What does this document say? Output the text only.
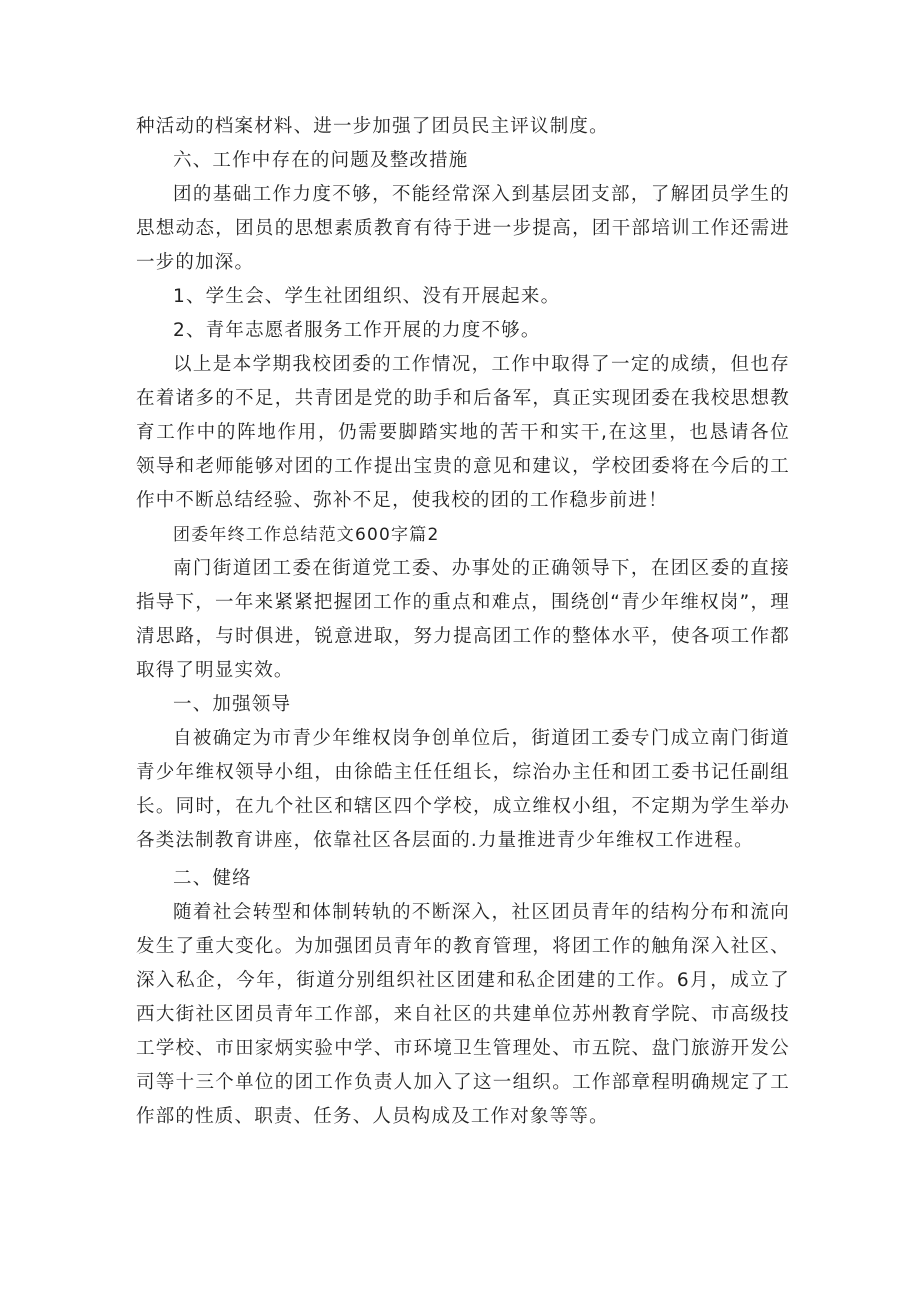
种活动的档案材料、进一步加强了团员民主评议制度。

六、工作中存在的问题及整改措施

团的基础工作力度不够，不能经常深入到基层团支部，了解团员学生的思想动态，团员的思想素质教育有待于进一步提高，团干部培训工作还需进一步的加深。

1、学生会、学生社团组织、没有开展起来。

2、青年志愿者服务工作开展的力度不够。

以上是本学期我校团委的工作情况，工作中取得了一定的成绩，但也存在着诸多的不足，共青团是党的助手和后备军，真正实现团委在我校思想教育工作中的阵地作用，仍需要脚踏实地的苦干和实干,在这里，也恳请各位领导和老师能够对团的工作提出宝贵的意见和建议，学校团委将在今后的工作中不断总结经验、弥补不足，使我校的团的工作稳步前进！

团委年终工作总结范文600字篇2

南门街道团工委在街道党工委、办事处的正确领导下，在团区委的直接指导下，一年来紧紧把握团工作的重点和难点，围绕创“青少年维权岗”，理清思路，与时俱进，锐意进取，努力提高团工作的整体水平，使各项工作都取得了明显实效。

一、加强领导

自被确定为市青少年维权岗争创单位后，街道团工委专门成立南门街道青少年维权领导小组，由徐皓主任任组长，综治办主任和团工委书记任副组长。同时，在九个社区和辖区四个学校，成立维权小组，不定期为学生举办各类法制教育讲座，依靠社区各层面的.力量推进青少年维权工作进程。

二、健络

随着社会转型和体制转轨的不断深入，社区团员青年的结构分布和流向发生了重大变化。为加强团员青年的教育管理，将团工作的触角深入社区、深入私企，今年，街道分别组织社区团建和私企团建的工作。6月，成立了西大街社区团员青年工作部，来自社区的共建单位苏州教育学院、市高级技工学校、市田家炳实验中学、市环境卫生管理处、市五院、盘门旅游开发公司等十三个单位的团工作负责人加入了这一组织。工作部章程明确规定了工作部的性质、职责、任务、人员构成及工作对象等等。
